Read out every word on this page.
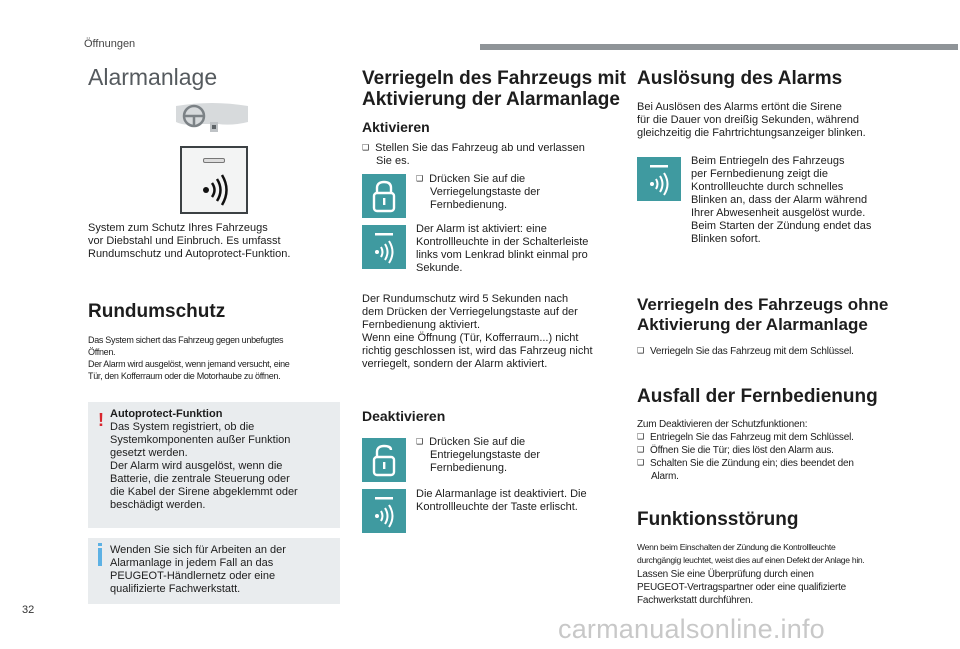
Öffnungen
Alarmanlage
System zum Schutz Ihres Fahrzeugs
vor Diebstahl und Einbruch. Es umfasst
Rundumschutz und Autoprotect-Funktion.
Rundumschutz
Das System sichert das Fahrzeug gegen unbefugtes
Öffnen.
Der Alarm wird ausgelöst, wenn jemand versucht, eine
Tür, den Kofferraum oder die Motorhaube zu öffnen.
! Autoprotect-Funktion
Das System registriert, ob die
Systemkomponenten außer Funktion
gesetzt werden.
Der Alarm wird ausgelöst, wenn die
Batterie, die zentrale Steuerung oder
die Kabel der Sirene abgeklemmt oder
beschädigt werden.
Wenden Sie sich für Arbeiten an der
Alarmanlage in jedem Fall an das
PEUGEOT-Händlernetz oder eine
qualifizierte Fachwerkstatt.
Verriegeln des Fahrzeugs mit
Aktivierung der Alarmanlage
Aktivieren
❑ Stellen Sie das Fahrzeug ab und verlassen
Sie es.
❑ Drücken Sie auf die
Verriegelungstaste der
Fernbedienung.
Der Alarm ist aktiviert: eine
Kontrollleuchte in der Schalterleiste
links vom Lenkrad blinkt einmal pro
Sekunde.
Der Rundumschutz wird 5 Sekunden nach
dem Drücken der Verriegelungstaste auf der
Fernbedienung aktiviert.
Wenn eine Öffnung (Tür, Kofferraum...) nicht
richtig geschlossen ist, wird das Fahrzeug nicht
verriegelt, sondern der Alarm aktiviert.
Deaktivieren
❑ Drücken Sie auf die
Entriegelungstaste der
Fernbedienung.
Die Alarmanlage ist deaktiviert. Die
Kontrollleuchte der Taste erlischt.
Auslösung des Alarms
Bei Auslösen des Alarms ertönt die Sirene
für die Dauer von dreißig Sekunden, während
gleichzeitig die Fahrtrichtungsanzeiger blinken.
Beim Entriegeln des Fahrzeugs
per Fernbedienung zeigt die
Kontrollleuchte durch schnelles
Blinken an, dass der Alarm während
Ihrer Abwesenheit ausgelöst wurde.
Beim Starten der Zündung endet das
Blinken sofort.
Verriegeln des Fahrzeugs ohne
Aktivierung der Alarmanlage
❑ Verriegeln Sie das Fahrzeug mit dem Schlüssel.
Ausfall der Fernbedienung
Zum Deaktivieren der Schutzfunktionen:
❑ Entriegeln Sie das Fahrzeug mit dem Schlüssel.
❑ Öffnen Sie die Tür; dies löst den Alarm aus.
❑ Schalten Sie die Zündung ein; dies beendet den
Alarm.
Funktionsstörung
Wenn beim Einschalten der Zündung die Kontrollleuchte
durchgängig leuchtet, weist dies auf einen Defekt der Anlage hin.
Lassen Sie eine Überprüfung durch einen
PEUGEOT-Vertragspartner oder eine qualifizierte
Fachwerkstatt durchführen.
32
carmanualsonline.info
